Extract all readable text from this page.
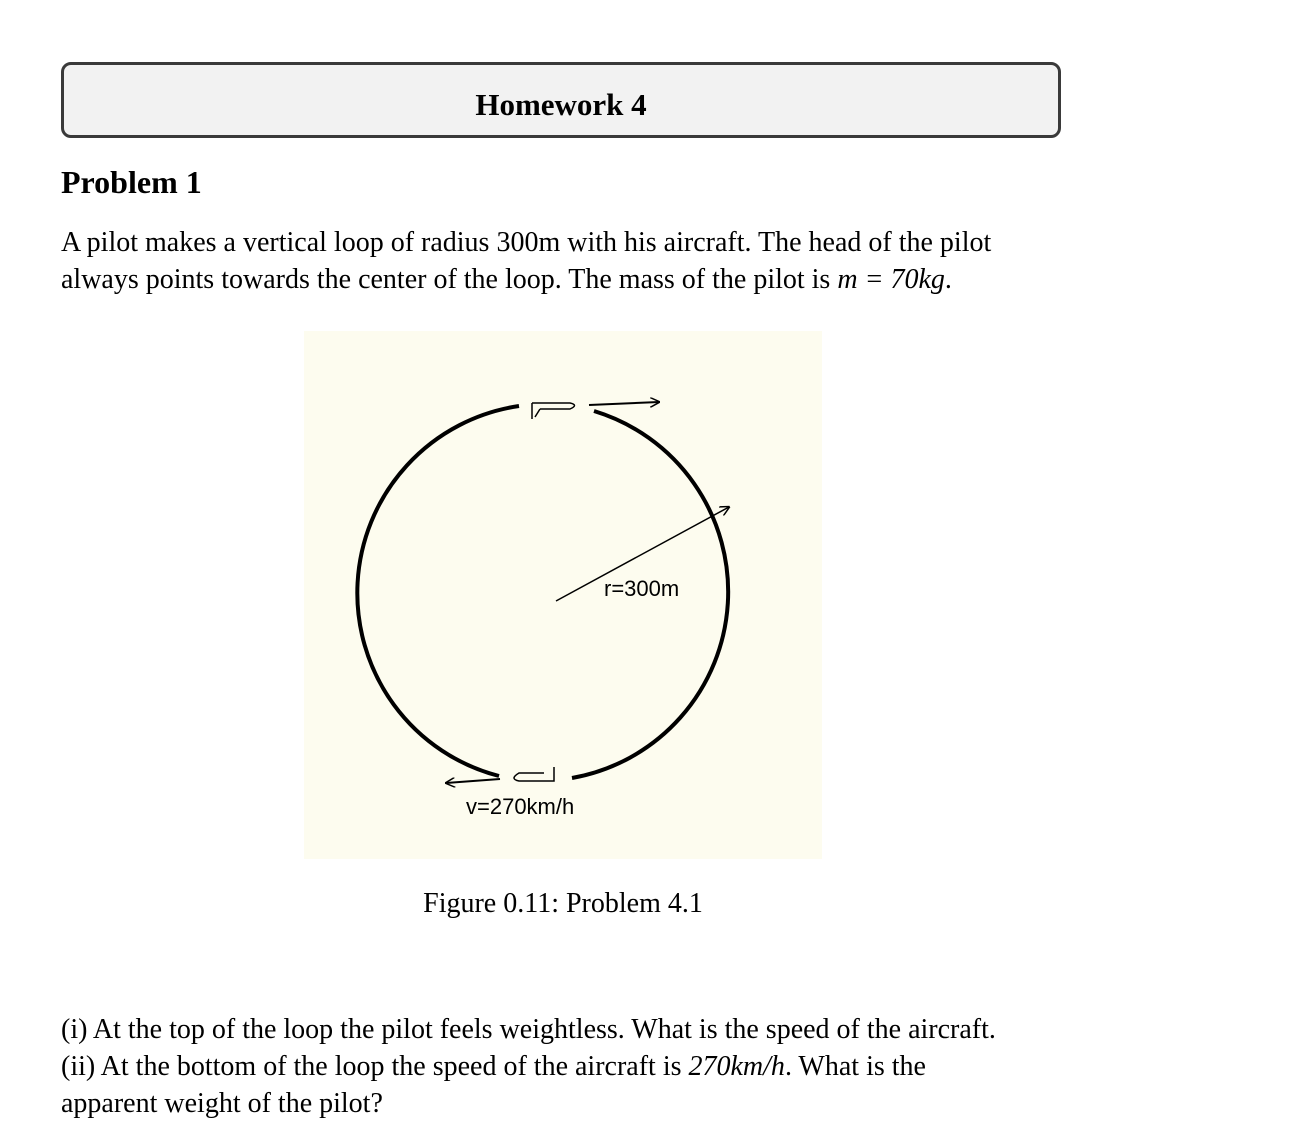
Homework 4
Problem 1
A pilot makes a vertical loop of radius 300m with his aircraft. The head of the pilot
always points towards the center of the loop. The mass of the pilot is m = 70kg.
r=300m
v=270km/h
Figure 0.11: Problem 4.1
(i) At the top of the loop the pilot feels weightless. What is the speed of the aircraft.
(ii) At the bottom of the loop the speed of the aircraft is 270km/h. What is the
apparent weight of the pilot?
